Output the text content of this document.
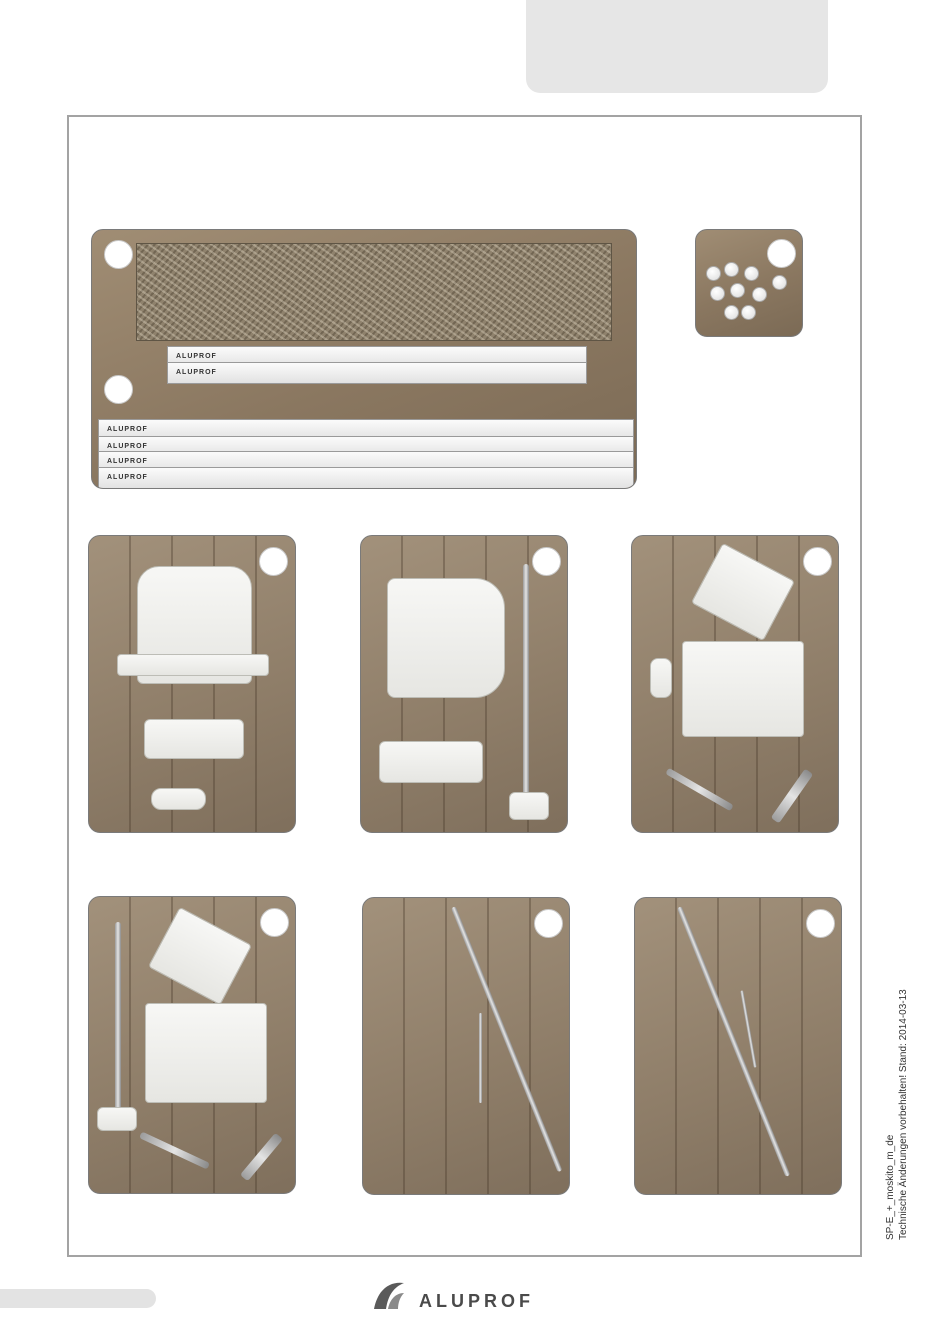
ALUPROF
ALUPROF
ALUPROF
ALUPROF
ALUPROF
ALUPROF
SP-E_+_moskito_m_de Technische Änderungen vorbehalten! Stand: 2014-03-13
ALUPROF
